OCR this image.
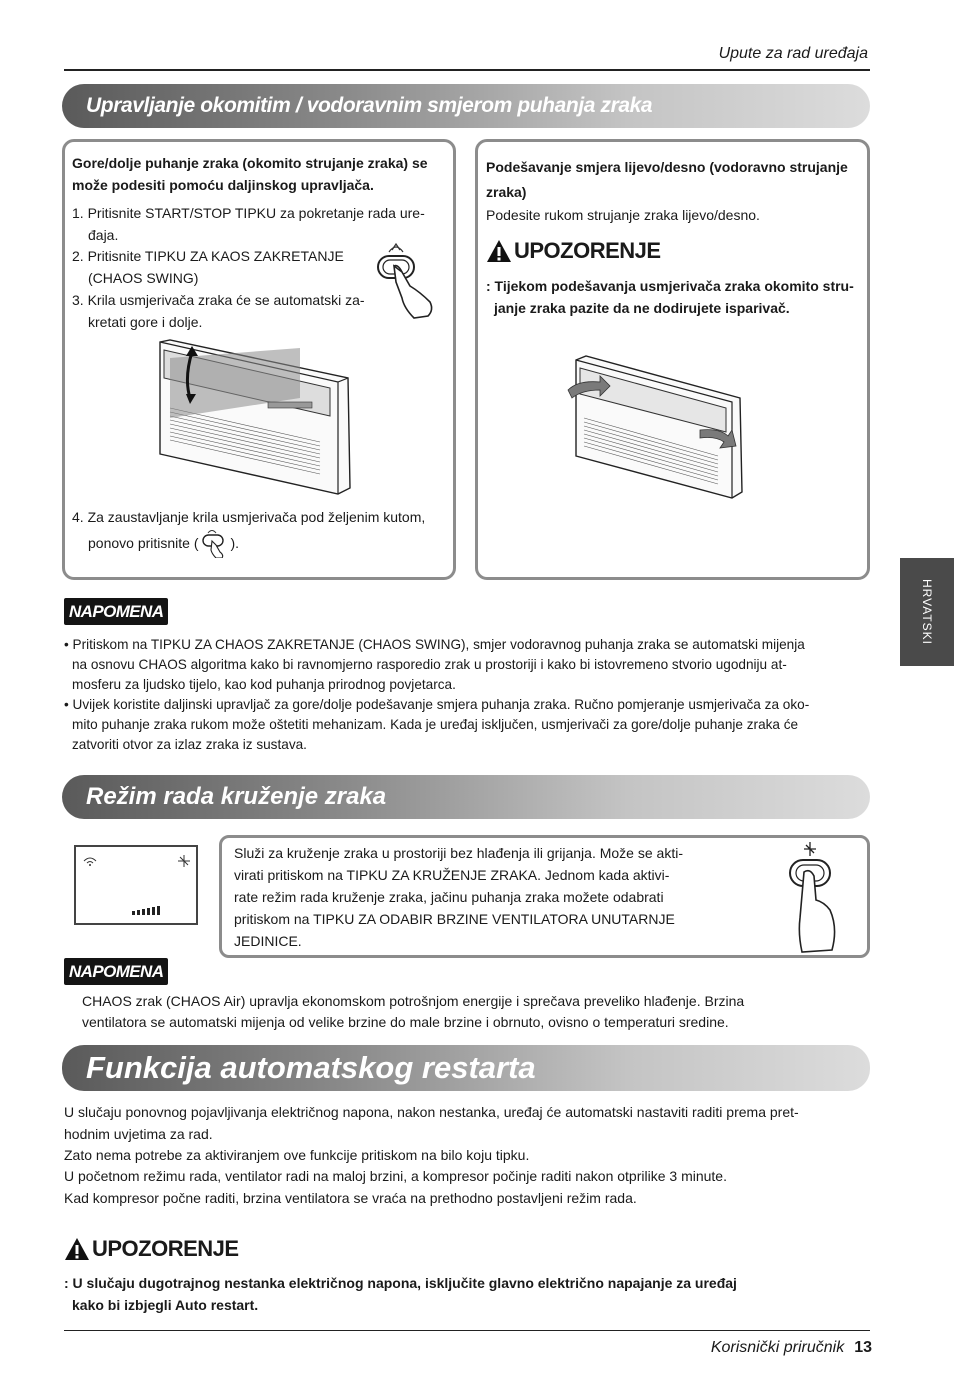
Upute za rad uređaja
Upravljanje okomitim / vodoravnim smjerom puhanja zraka
Gore/dolje puhanje zraka (okomito strujanje zraka) se može podesiti pomoću daljinskog upravljača.
1. Pritisnite START/STOP TIPKU za pokretanje rada ure-
đaja.
2. Pritisnite TIPKU ZA KAOS ZAKRETANJE
(CHAOS SWING)
3. Krila usmjerivača zraka će se automatski za-
kretati gore i dolje.
4. Za zaustavljanje krila usmjerivača pod željenim kutom,
ponovo pritisnite ( ).
Podešavanje smjera lijevo/desno (vodoravno strujanje
zraka)
Podesite rukom strujanje zraka lijevo/desno.
UPOZORENJE
: Tijekom podešavanja usmjerivača zraka okomito stru-
janje zraka pazite da ne dodirujete isparivač.
HRVATSKI
NAPOMENA
• Pritiskom na TIPKU ZA CHAOS ZAKRETANJE (CHAOS SWING), smjer vodoravnog puhanja zraka se automatski mijenja
na osnovu CHAOS algoritma kako bi ravnomjerno rasporedio zrak u prostoriji i kako bi istovremeno stvorio ugodniju at-
mosferu za ljudsko tijelo, kao kod puhanja prirodnog povjetarca.
• Uvijek koristite daljinski upravljač za gore/dolje podešavanje smjera puhanja zraka. Ručno pomjeranje usmjerivača za oko-
mito puhanje zraka rukom može oštetiti mehanizam. Kada je uređaj isključen, usmjerivači za gore/dolje puhanje zraka će
zatvoriti otvor za izlaz zraka iz sustava.
Režim rada kruženje zraka
Služi za kruženje zraka u prostoriji bez hlađenja ili grijanja. Može se akti-
virati pritiskom na TIPKU ZA KRUŽENJE ZRAKA. Jednom kada aktivi-
rate režim rada kruženje zraka, jačinu puhanja zraka možete odabrati
pritiskom na TIPKU ZA ODABIR BRZINE VENTILATORA UNUTARNJE
JEDINICE.
NAPOMENA
CHAOS zrak (CHAOS Air) upravlja ekonomskom potrošnjom energije i sprečava preveliko hlađenje. Brzina
ventilatora se automatski mijenja od velike brzine do male brzine i obrnuto, ovisno o temperaturi sredine.
Funkcija automatskog restarta
U slučaju ponovnog pojavljivanja električnog napona, nakon nestanka, uređaj će automatski nastaviti raditi prema pret-
hodnim uvjetima za rad.
Zato nema potrebe za aktiviranjem ove funkcije pritiskom na bilo koju tipku.
U početnom režimu rada, ventilator radi na maloj brzini, a kompresor počinje raditi nakon otprilike 3 minute.
Kad kompresor počne raditi, brzina ventilatora se vraća na prethodno postavljeni režim rada.
UPOZORENJE
: U slučaju dugotrajnog nestanka električnog napona, isključite glavno električno napajanje za uređaj
kako bi izbjegli Auto restart.
Korisnički priručnik 13
